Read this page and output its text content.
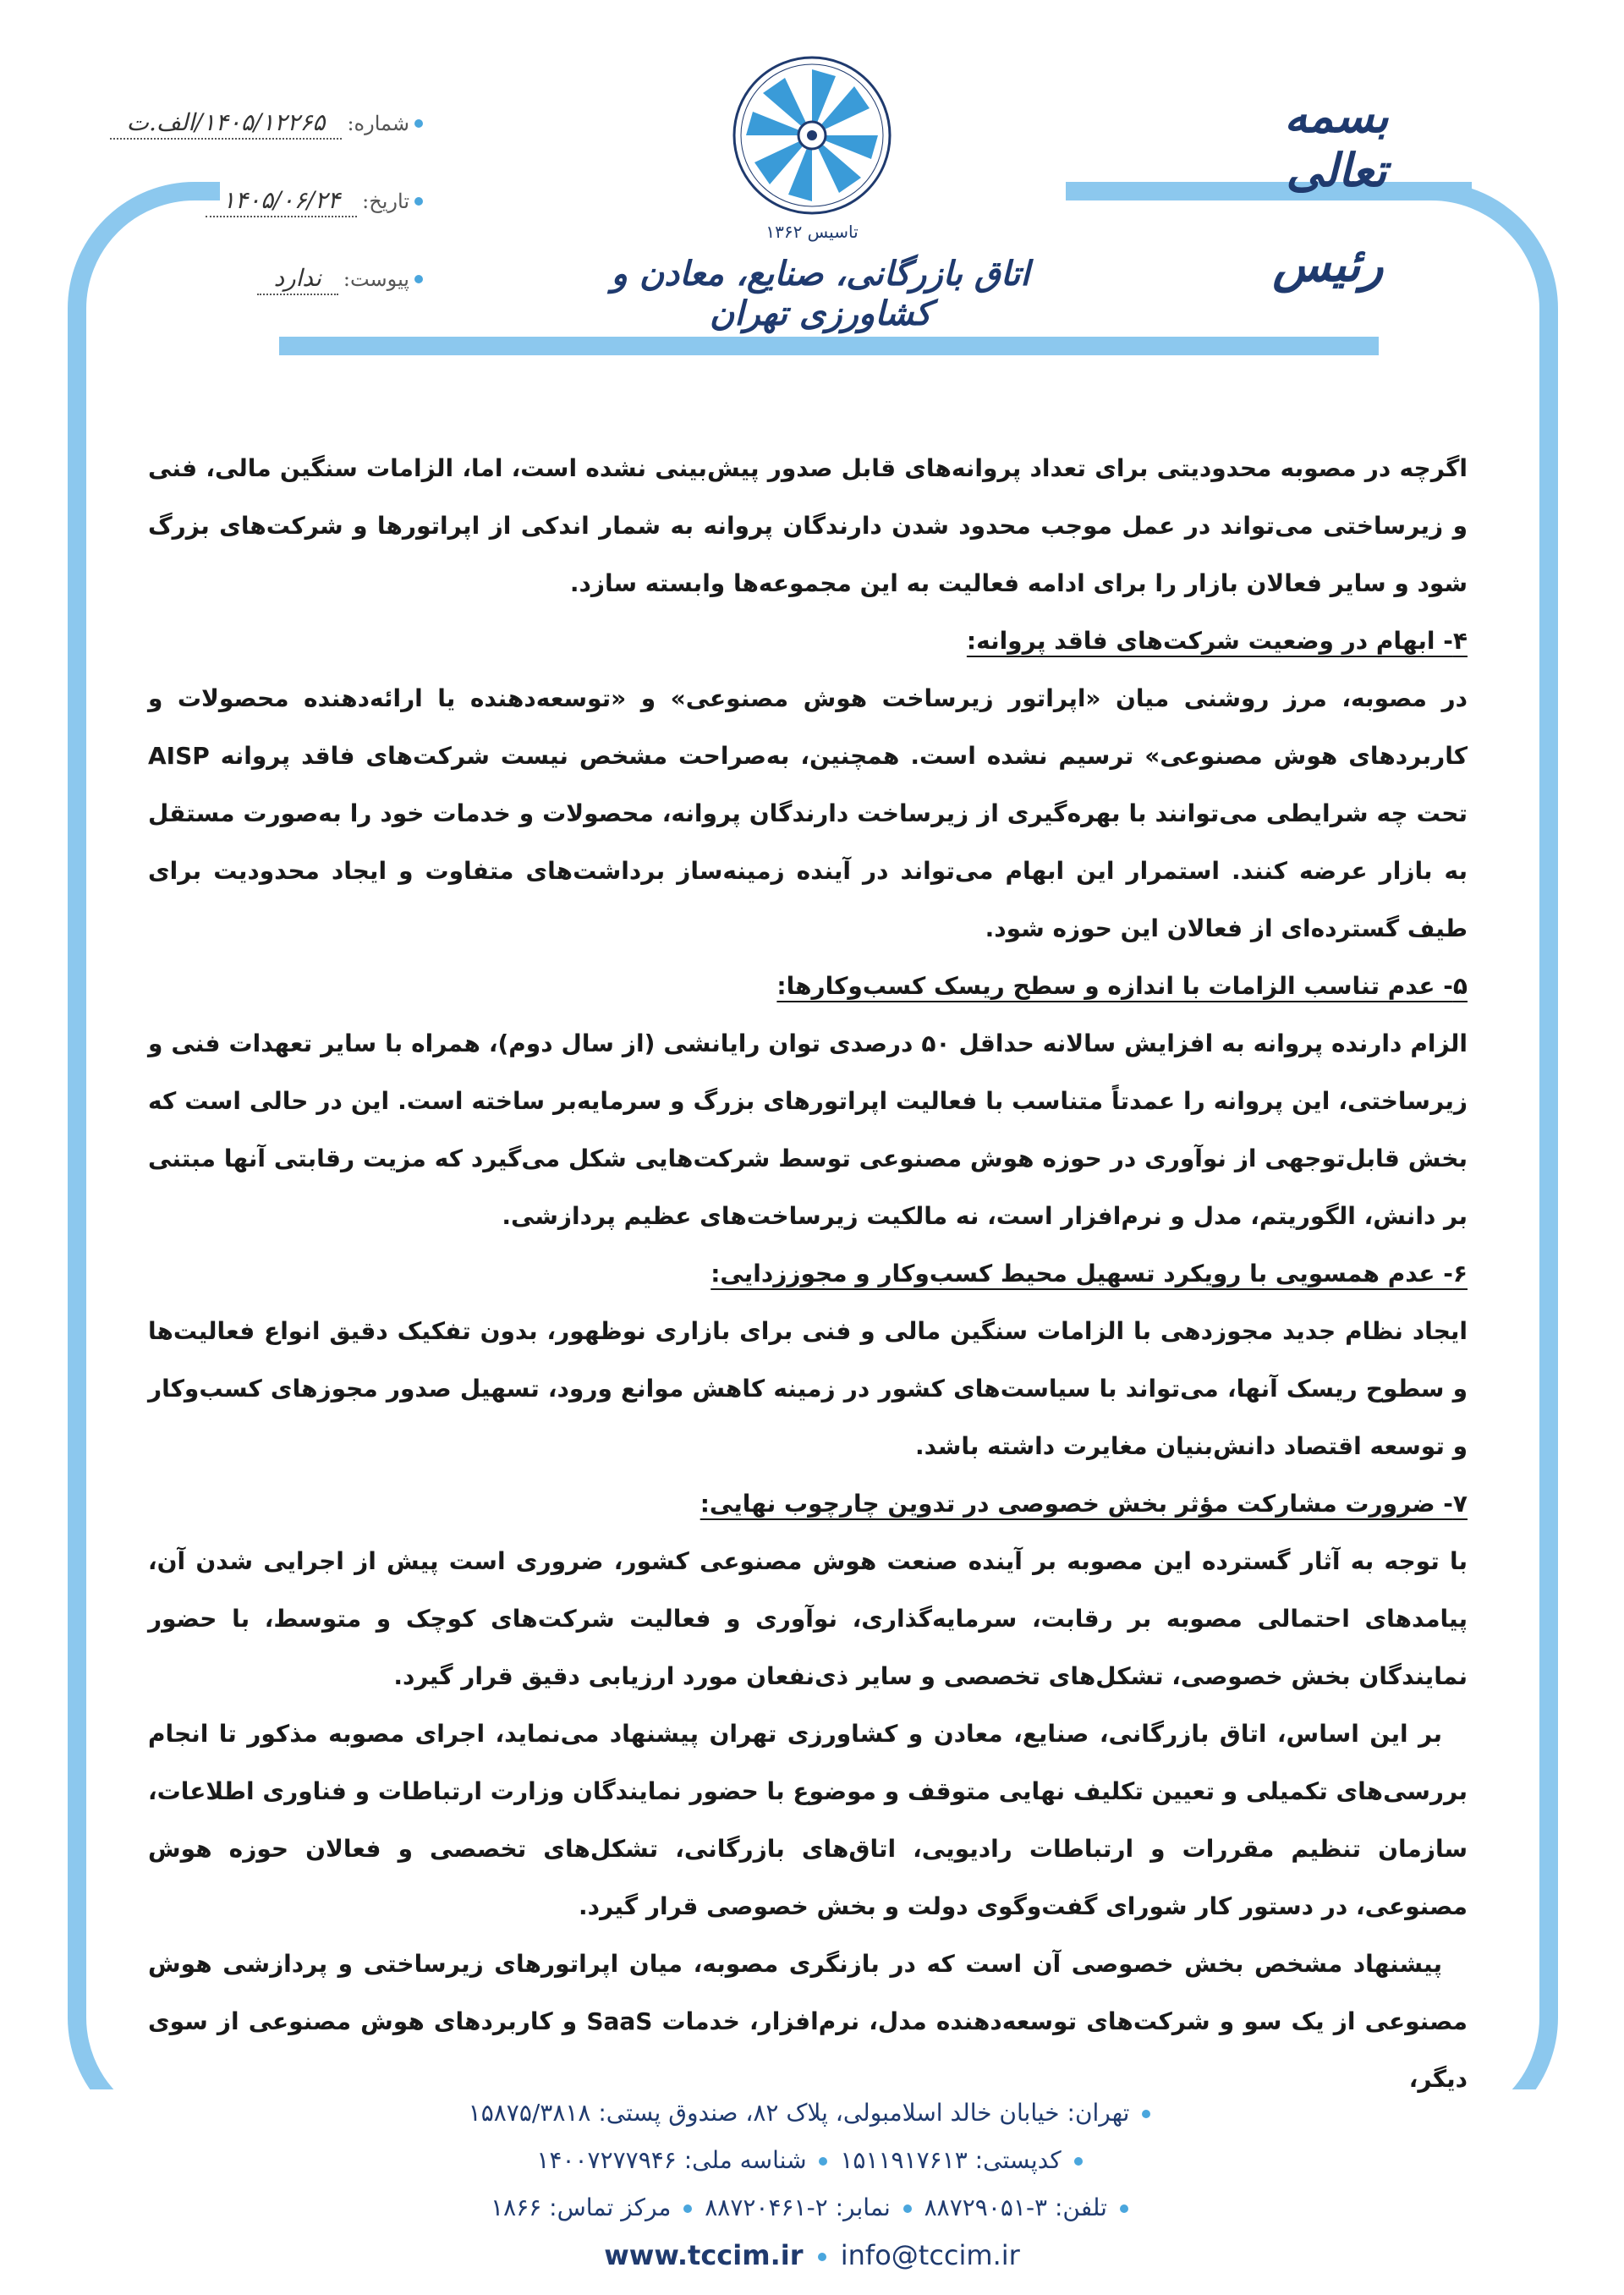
شماره:
۱۴۰۵/۱۲۲۶۵/الف.ت
تاریخ:
۱۴۰۵/۰۶/۲۴
پیوست:
ندارد
تاسیس ۱۳۶۲
اتاق بازرگانی، صنایع، معادن و کشاورزی تهران
بسمه تعالی
رئیس

اگرچه در مصوبه محدودیتی برای تعداد پروانه‌های قابل صدور پیش‌بینی نشده است، اما، الزامات سنگین مالی، فنی و زیرساختی می‌تواند در عمل موجب محدود شدن دارندگان پروانه به شمار اندکی از اپراتورها و شرکت‌های بزرگ شود و سایر فعالان بازار را برای ادامه فعالیت به این مجموعه‌ها وابسته سازد.

۴- ابهام در وضعیت شرکت‌های فاقد پروانه:

در مصوبه، مرز روشنی میان «اپراتور زیرساخت هوش مصنوعی» و «توسعه‌دهنده یا ارائه‌دهنده محصولات و کاربردهای هوش مصنوعی» ترسیم نشده است. همچنین، به‌صراحت مشخص نیست شرکت‌های فاقد پروانه AISP تحت چه شرایطی می‌توانند با بهره‌گیری از زیرساخت دارندگان پروانه، محصولات و خدمات خود را به‌صورت مستقل به بازار عرضه کنند. استمرار این ابهام می‌تواند در آینده زمینه‌ساز برداشت‌های متفاوت و ایجاد محدودیت برای طیف گسترده‌ای از فعالان این حوزه شود.

۵- عدم تناسب الزامات با اندازه و سطح ریسک کسب‌وکارها:

الزام دارنده پروانه به افزایش سالانه حداقل ۵۰ درصدی توان رایانشی (از سال دوم)، همراه با سایر تعهدات فنی و زیرساختی، این پروانه را عمدتاً متناسب با فعالیت اپراتورهای بزرگ و سرمایه‌بر ساخته است. این در حالی است که بخش قابل‌توجهی از نوآوری در حوزه هوش مصنوعی توسط شرکت‌هایی شکل می‌گیرد که مزیت رقابتی آنها مبتنی بر دانش، الگوریتم، مدل و نرم‌افزار است، نه مالکیت زیرساخت‌های عظیم پردازشی.

۶- عدم همسویی با رویکرد تسهیل محیط کسب‌وکار و مجوززدایی:

ایجاد نظام جدید مجوزدهی با الزامات سنگین مالی و فنی برای بازاری نوظهور، بدون تفکیک دقیق انواع فعالیت‌ها و سطوح ریسک آنها، می‌تواند با سیاست‌های کشور در زمینه کاهش موانع ورود، تسهیل صدور مجوزهای کسب‌وکار و توسعه اقتصاد دانش‌بنیان مغایرت داشته باشد.

۷- ضرورت مشارکت مؤثر بخش خصوصی در تدوین چارچوب نهایی:

با توجه به آثار گسترده این مصوبه بر آینده صنعت هوش مصنوعی کشور، ضروری است پیش از اجرایی شدن آن، پیامدهای احتمالی مصوبه بر رقابت، سرمایه‌گذاری، نوآوری و فعالیت شرکت‌های کوچک و متوسط، با حضور نمایندگان بخش خصوصی، تشکل‌های تخصصی و سایر ذی‌نفعان مورد ارزیابی دقیق قرار گیرد.

بر این اساس، اتاق بازرگانی، صنایع، معادن و کشاورزی تهران پیشنهاد می‌نماید، اجرای مصوبه مذکور تا انجام بررسی‌های تکمیلی و تعیین تکلیف نهایی متوقف و موضوع با حضور نمایندگان وزارت ارتباطات و فناوری اطلاعات، سازمان تنظیم مقررات و ارتباطات رادیویی، اتاق‌های بازرگانی، تشکل‌های تخصصی و فعالان حوزه هوش مصنوعی، در دستور کار شورای گفت‌وگوی دولت و بخش خصوصی قرار گیرد.

پیشنهاد مشخص بخش خصوصی آن است که در بازنگری مصوبه، میان اپراتورهای زیرساختی و پردازشی هوش مصنوعی از یک سو و شرکت‌های توسعه‌دهنده مدل، نرم‌افزار، خدمات SaaS و کاربردهای هوش مصنوعی از سوی دیگر،

تهران: خیابان خالد اسلامبولی، پلاک ۸۲، صندوق پستی: ۱۵۸۷۵/۳۸۱۸
کدپستی: ۱۵۱۱۹۱۷۶۱۳  شناسه ملی: ۱۴۰۰۷۲۷۷۹۴۶
تلفن: ۳-۸۸۷۲۹۰۵۱  نمابر: ۲-۸۸۷۲۰۴۶۱  مرکز تماس: ۱۸۶۶
www.tccim.ir info@tccim.ir
